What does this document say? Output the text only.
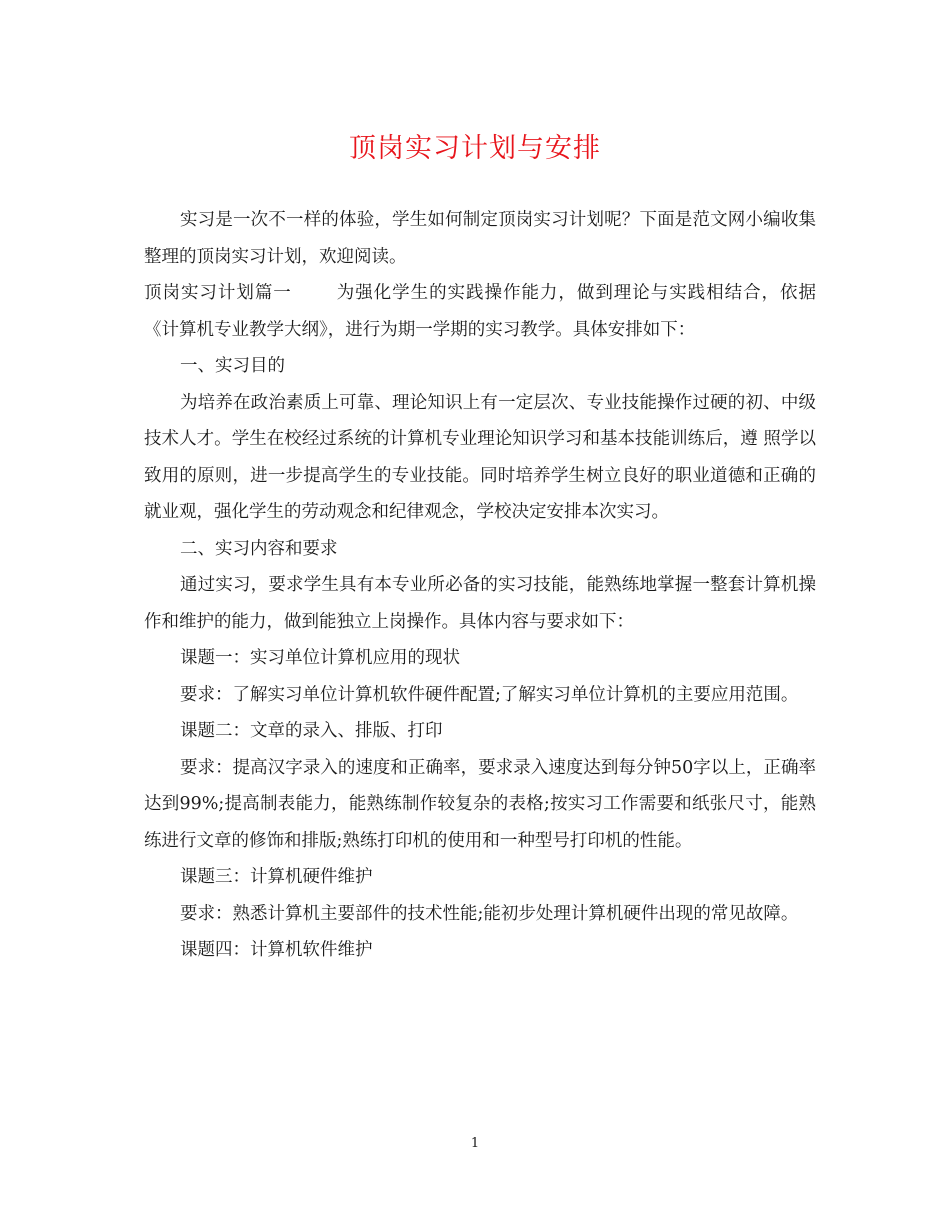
顶岗实习计划与安排

实习是一次不一样的体验，学生如何制定顶岗实习计划呢？下面是范文网小编收集整理的顶岗实习计划，欢迎阅读。

顶岗实习计划篇一	为强化学生的实践操作能力，做到理论与实践相结合，依据《计算机专业教学大纲》，进行为期一学期的实习教学。具体安排如下：

一、实习目的

为培养在政治素质上可靠、理论知识上有一定层次、专业技能操作过硬的初、中级技术人才。学生在校经过系统的计算机专业理论知识学习和基本技能训练后，遵 照学以致用的原则，进一步提高学生的专业技能。同时培养学生树立良好的职业道德和正确的就业观，强化学生的劳动观念和纪律观念，学校决定安排本次实习。

二、实习内容和要求

通过实习，要求学生具有本专业所必备的实习技能，能熟练地掌握一整套计算机操作和维护的能力，做到能独立上岗操作。具体内容与要求如下：

课题一：实习单位计算机应用的现状

要求：了解实习单位计算机软件硬件配置;了解实习单位计算机的主要应用范围。

课题二：文章的录入、排版、打印

要求：提高汉字录入的速度和正确率，要求录入速度达到每分钟50字以上，正确率达到99%;提高制表能力，能熟练制作较复杂的表格;按实习工作需要和纸张尺寸，能熟练进行文章的修饰和排版;熟练打印机的使用和一种型号打印机的性能。

课题三：计算机硬件维护

要求：熟悉计算机主要部件的技术性能;能初步处理计算机硬件出现的常见故障。

课题四：计算机软件维护

1
